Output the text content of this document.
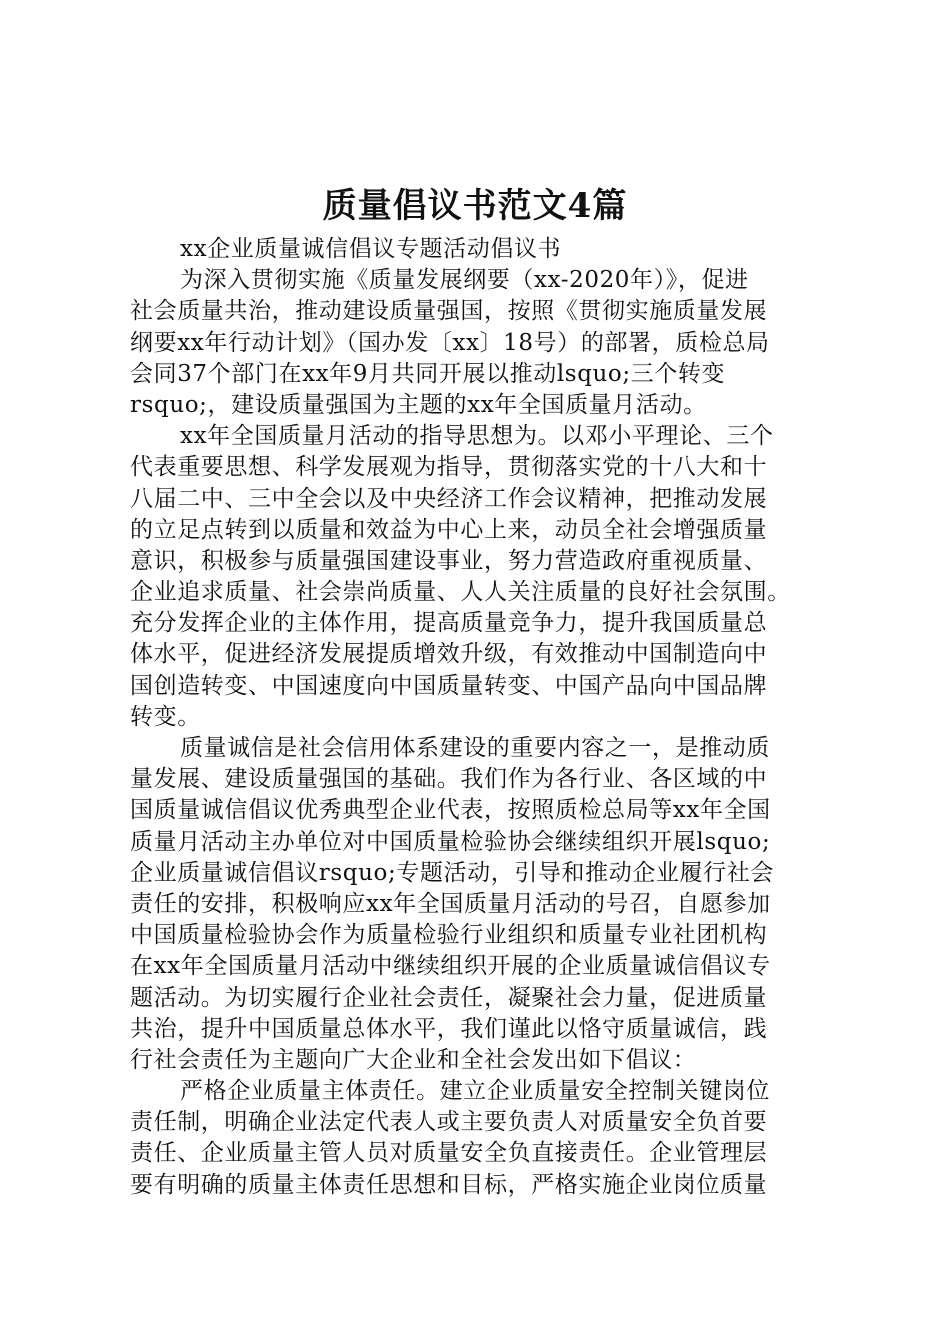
质量倡议书范文4篇
xx企业质量诚信倡议专题活动倡议书
为深入贯彻实施《质量发展纲要（xx-2020年）》，促进
社会质量共治，推动建设质量强国，按照《贯彻实施质量发展
纲要xx年行动计划》（国办发〔xx〕18号）的部署，质检总局
会同37个部门在xx年9月共同开展以推动lsquo;三个转变
rsquo;，建设质量强国为主题的xx年全国质量月活动。
xx年全国质量月活动的指导思想为。以邓小平理论、三个
代表重要思想、科学发展观为指导，贯彻落实党的十八大和十
八届二中、三中全会以及中央经济工作会议精神，把推动发展
的立足点转到以质量和效益为中心上来，动员全社会增强质量
意识，积极参与质量强国建设事业，努力营造政府重视质量、
企业追求质量、社会崇尚质量、人人关注质量的良好社会氛围。
充分发挥企业的主体作用，提高质量竞争力，提升我国质量总
体水平，促进经济发展提质增效升级，有效推动中国制造向中
国创造转变、中国速度向中国质量转变、中国产品向中国品牌
转变。
质量诚信是社会信用体系建设的重要内容之一，是推动质
量发展、建设质量强国的基础。我们作为各行业、各区域的中
国质量诚信倡议优秀典型企业代表，按照质检总局等xx年全国
质量月活动主办单位对中国质量检验协会继续组织开展lsquo;
企业质量诚信倡议rsquo;专题活动，引导和推动企业履行社会
责任的安排，积极响应xx年全国质量月活动的号召，自愿参加
中国质量检验协会作为质量检验行业组织和质量专业社团机构
在xx年全国质量月活动中继续组织开展的企业质量诚信倡议专
题活动。为切实履行企业社会责任，凝聚社会力量，促进质量
共治，提升中国质量总体水平，我们谨此以恪守质量诚信，践
行社会责任为主题向广大企业和全社会发出如下倡议：
严格企业质量主体责任。建立企业质量安全控制关键岗位
责任制，明确企业法定代表人或主要负责人对质量安全负首要
责任、企业质量主管人员对质量安全负直接责任。企业管理层
要有明确的质量主体责任思想和目标，严格实施企业岗位质量
